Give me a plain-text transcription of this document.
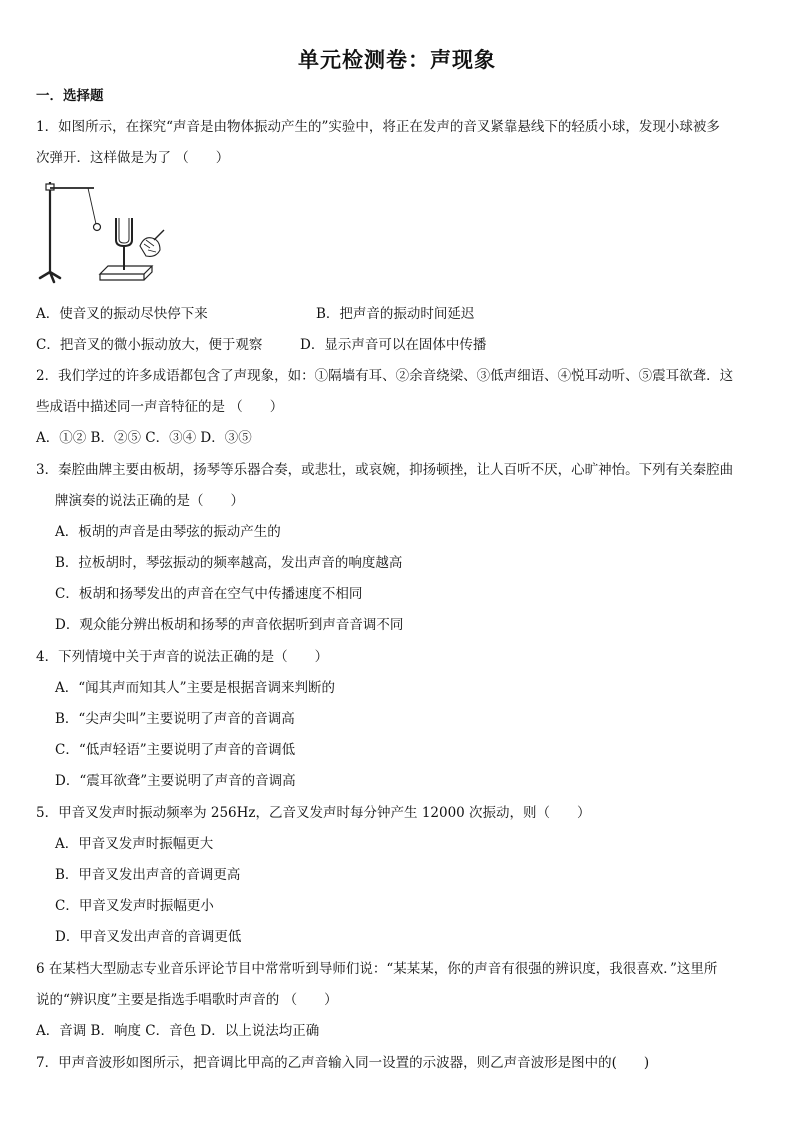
单元检测卷：声现象
一．选择题
1．如图所示，在探究“声音是由物体振动产生的”实验中，将正在发声的音叉紧靠悬线下的轻质小球，发现小球被多
次弹开．这样做是为了 （　　）
A．使音叉的振动尽快停下来	B．把声音的振动时间延迟
C．把音叉的微小振动放大，便于观察	D．显示声音可以在固体中传播
2．我们学过的许多成语都包含了声现象，如：①隔墙有耳、②余音绕梁、③低声细语、④悦耳动听、⑤震耳欲聋．这
些成语中描述同一声音特征的是 （　　）
A．①② B．②⑤ C．③④ D．③⑤
3．秦腔曲牌主要由板胡，扬琴等乐器合奏，或悲壮，或哀婉，抑扬顿挫，让人百听不厌，心旷神怡。下列有关秦腔曲
牌演奏的说法正确的是（　　）
A．板胡的声音是由琴弦的振动产生的
B．拉板胡时，琴弦振动的频率越高，发出声音的响度越高
C．板胡和扬琴发出的声音在空气中传播速度不相同
D．观众能分辨出板胡和扬琴的声音依据听到声音音调不同
4．下列情境中关于声音的说法正确的是（　　）
A．“闻其声而知其人”主要是根据音调来判断的
B．“尖声尖叫”主要说明了声音的音调高
C．“低声轻语”主要说明了声音的音调低
D．“震耳欲聋”主要说明了声音的音调高
5．甲音叉发声时振动频率为 256Hz，乙音叉发声时每分钟产生 12000 次振动，则（　　）
A．甲音叉发声时振幅更大
B．甲音叉发出声音的音调更高
C．甲音叉发声时振幅更小
D．甲音叉发出声音的音调更低
6 在某档大型励志专业音乐评论节目中常常听到导师们说：“某某某，你的声音有很强的辨识度，我很喜欢．”这里所
说的“辨识度”主要是指选手唱歌时声音的 （　　）
A．音调 B．响度 C．音色 D．以上说法均正确
7．甲声音波形如图所示，把音调比甲高的乙声音输入同一设置的示波器，则乙声音波形是图中的(　　)
